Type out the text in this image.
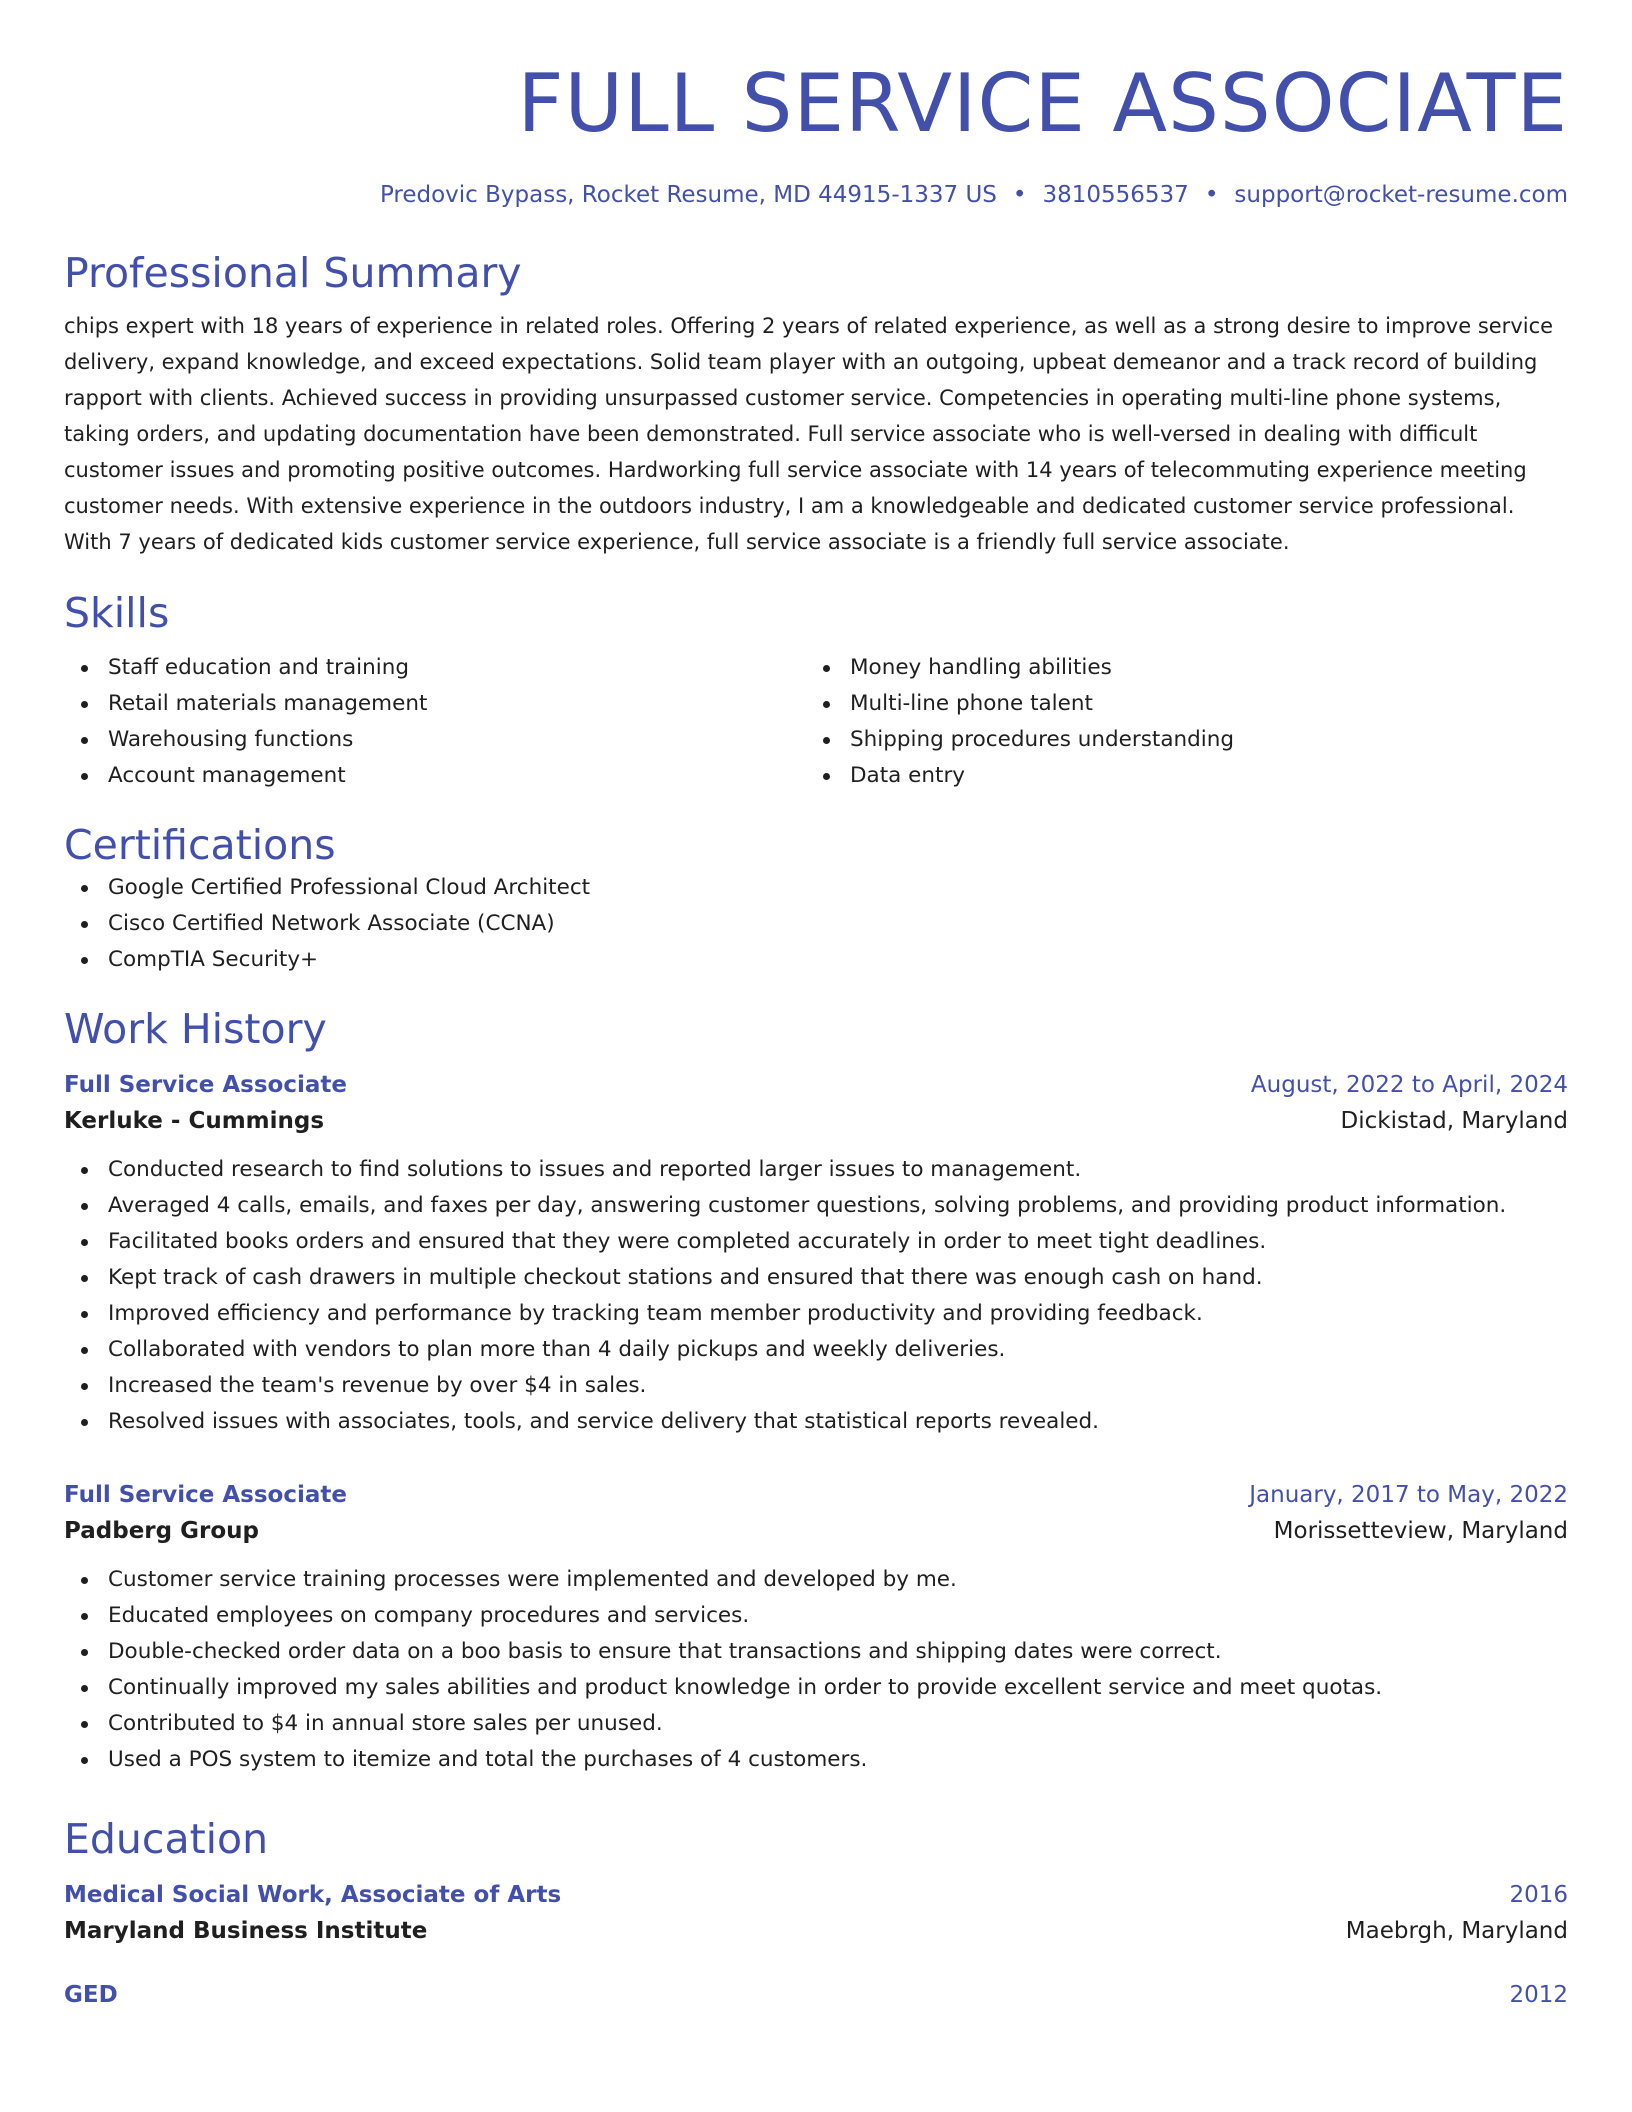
FULL SERVICE ASSOCIATE
Predovic Bypass, Rocket Resume, MD 44915-1337 US • 3810556537 • support@rocket-resume.com
Professional Summary
chips expert with 18 years of experience in related roles. Offering 2 years of related experience, as well as a strong desire to improve service delivery, expand knowledge, and exceed expectations. Solid team player with an outgoing, upbeat demeanor and a track record of building rapport with clients. Achieved success in providing unsurpassed customer service. Competencies in operating multi-line phone systems, taking orders, and updating documentation have been demonstrated. Full service associate who is well-versed in dealing with difficult customer issues and promoting positive outcomes. Hardworking full service associate with 14 years of telecommuting experience meeting customer needs. With extensive experience in the outdoors industry, I am a knowledgeable and dedicated customer service professional. With 7 years of dedicated kids customer service experience, full service associate is a friendly full service associate.
Skills
Staff education and training
Retail materials management
Warehousing functions
Account management
Money handling abilities
Multi-line phone talent
Shipping procedures understanding
Data entry
Certifications
Google Certified Professional Cloud Architect
Cisco Certified Network Associate (CCNA)
CompTIA Security+
Work History
Full Service Associate	August, 2022 to April, 2024
Kerluke - Cummings	Dickistad, Maryland
Conducted research to find solutions to issues and reported larger issues to management.
Averaged 4 calls, emails, and faxes per day, answering customer questions, solving problems, and providing product information.
Facilitated books orders and ensured that they were completed accurately in order to meet tight deadlines.
Kept track of cash drawers in multiple checkout stations and ensured that there was enough cash on hand.
Improved efficiency and performance by tracking team member productivity and providing feedback.
Collaborated with vendors to plan more than 4 daily pickups and weekly deliveries.
Increased the team's revenue by over $4 in sales.
Resolved issues with associates, tools, and service delivery that statistical reports revealed.
Full Service Associate	January, 2017 to May, 2022
Padberg Group	Morissetteview, Maryland
Customer service training processes were implemented and developed by me.
Educated employees on company procedures and services.
Double-checked order data on a boo basis to ensure that transactions and shipping dates were correct.
Continually improved my sales abilities and product knowledge in order to provide excellent service and meet quotas.
Contributed to $4 in annual store sales per unused.
Used a POS system to itemize and total the purchases of 4 customers.
Education
Medical Social Work, Associate of Arts	2016
Maryland Business Institute	Maebrgh, Maryland
GED	2012
